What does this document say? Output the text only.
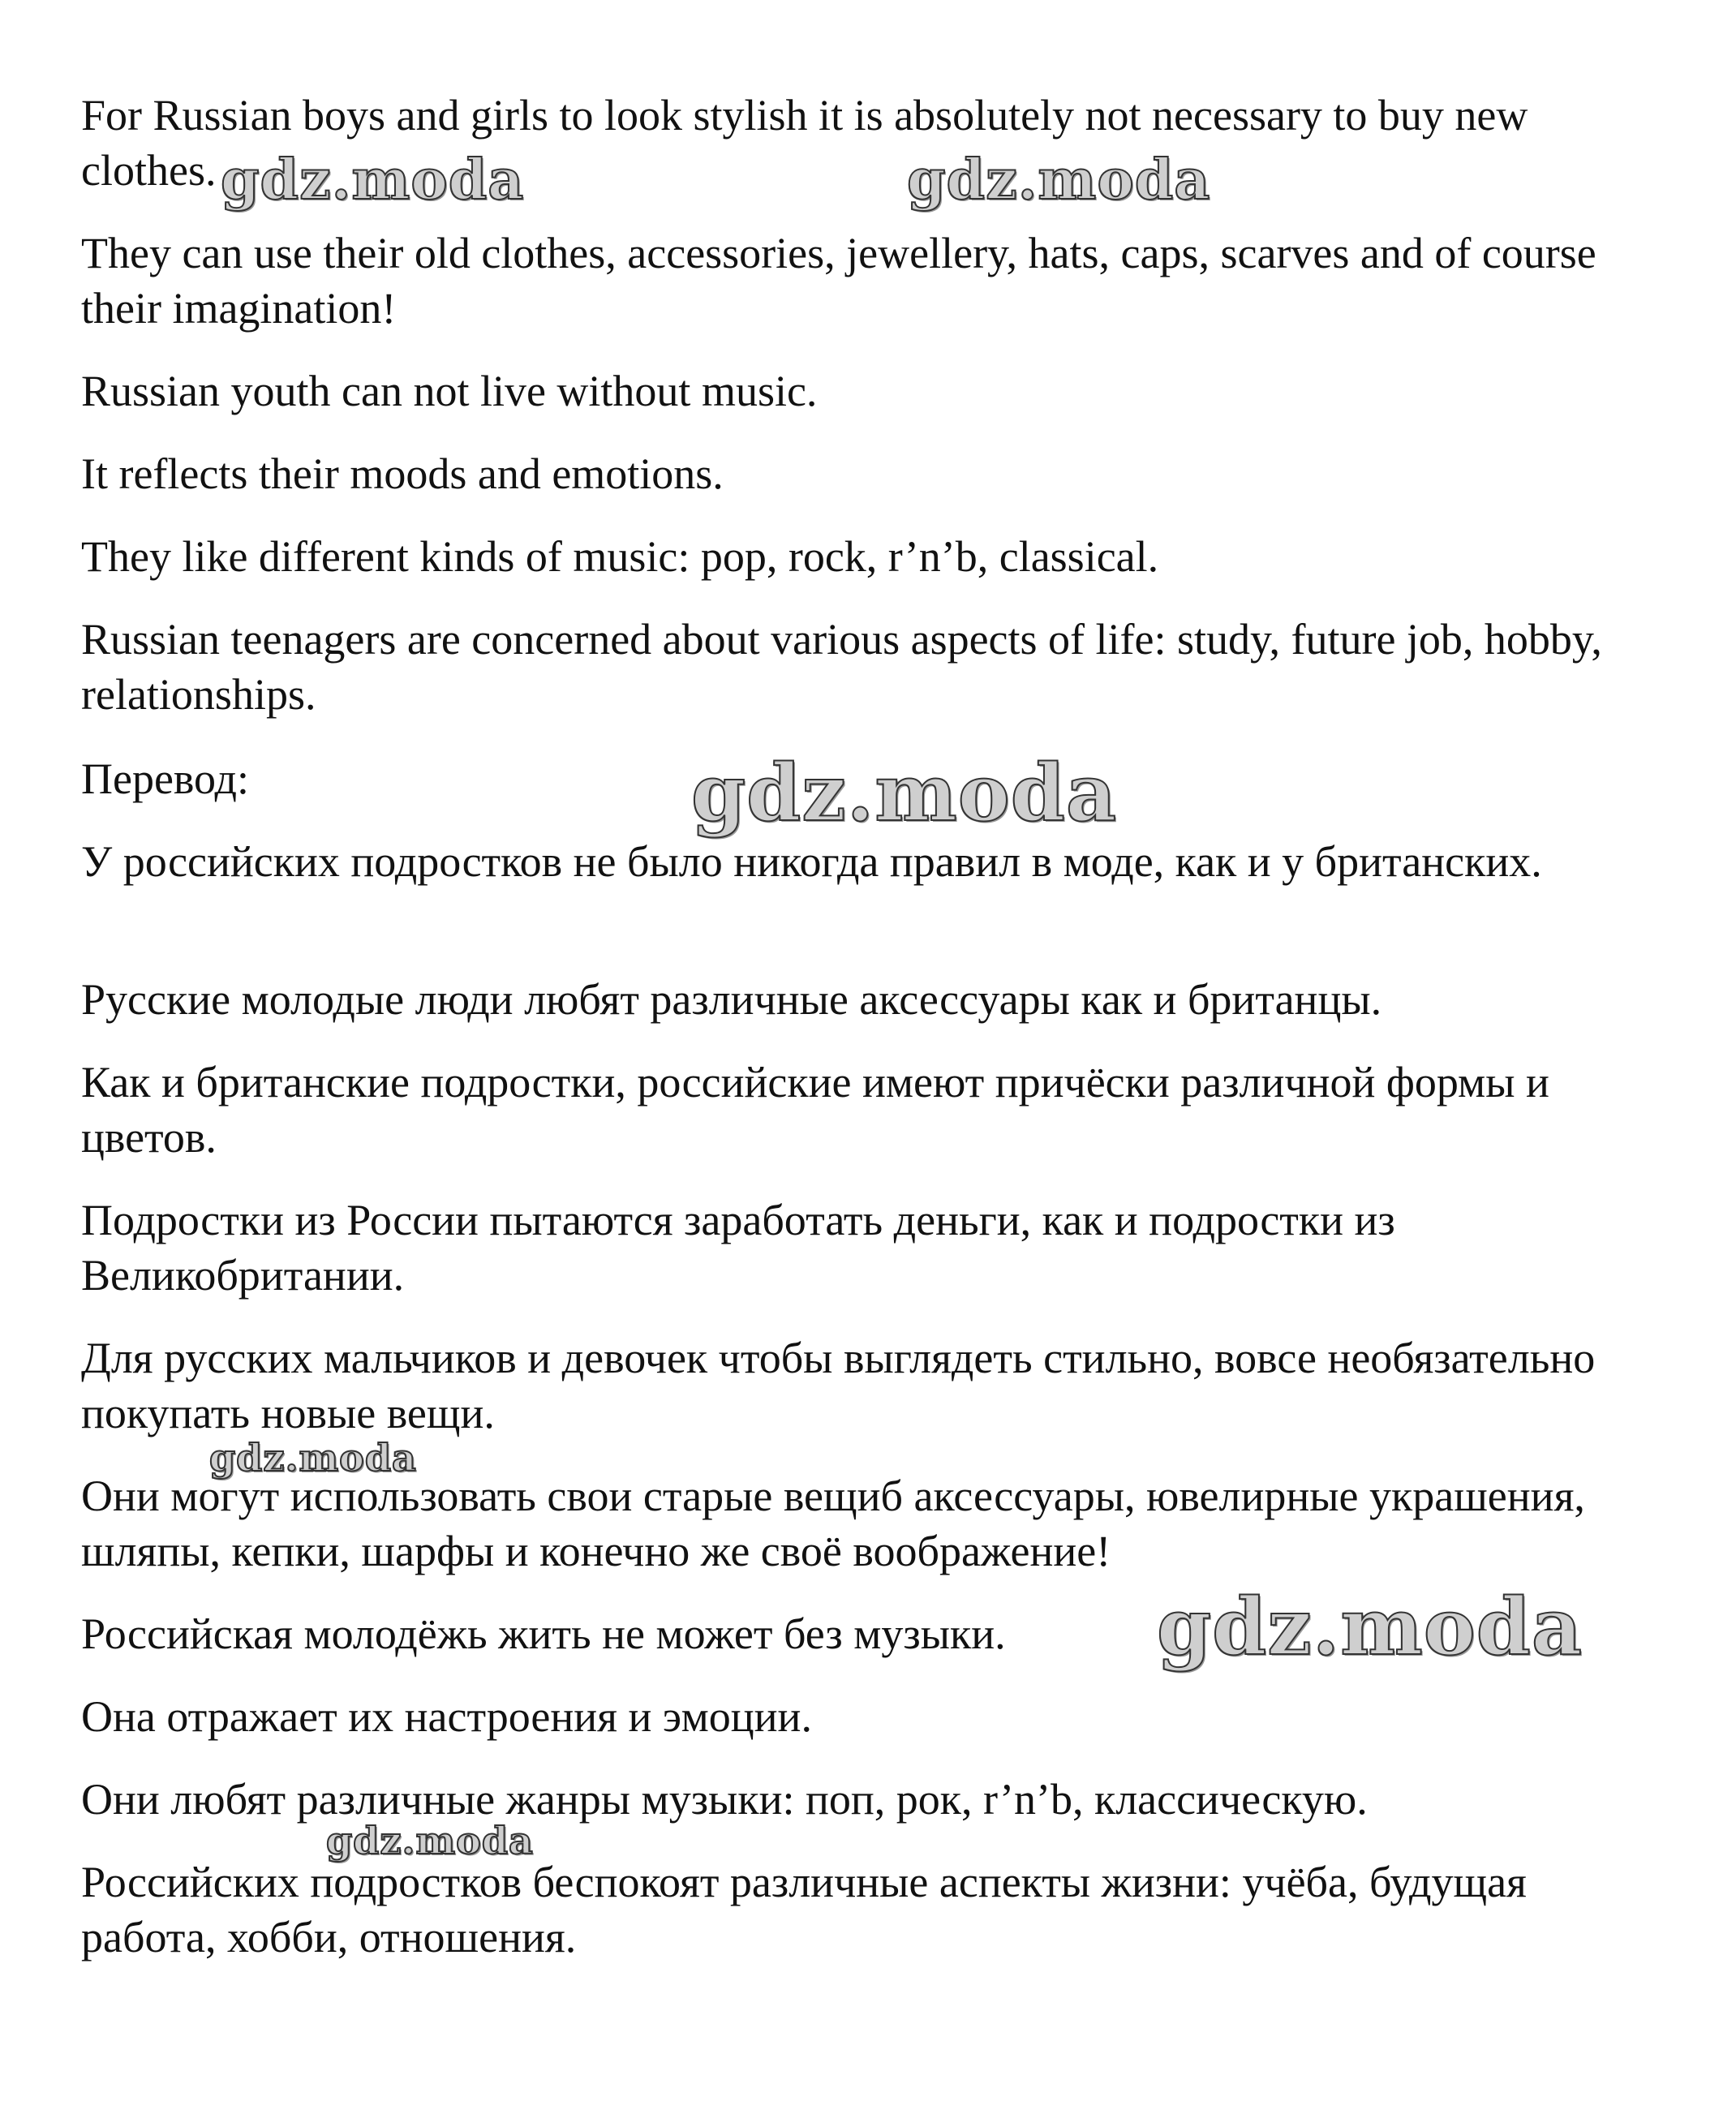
For Russian boys and girls to look stylish it is absolutely not necessary to buy new clothes.

They can use their old clothes, accessories, jewellery, hats, caps, scarves and of course their imagination!

Russian youth can not live without music.

It reflects their moods and emotions.

They like different kinds of music: pop, rock, r’n’b, classical.

Russian teenagers are concerned about various aspects of life: study, future job, hobby, relationships.

Перевод:

У российских подростков не было никогда правил в моде, как и у британских.

Русские молодые люди любят различные аксессуары как и британцы.

Как и британские подростки, российские имеют причёски различной формы и цветов.

Подростки из России пытаются заработать деньги, как и подростки из Великобритании.

Для русских мальчиков и девочек чтобы выглядеть стильно, вовсе необязательно покупать новые вещи.

Они могут использовать свои старые вещиб аксессуары, ювелирные украшения, шляпы, кепки, шарфы и конечно же своё воображение!

Российская молодёжь жить не может без музыки.

Она отражает их настроения и эмоции.

Они любят различные жанры музыки: поп, рок, r’n’b, классическую.

Российских подростков беспокоят различные аспекты жизни: учёба, будущая работа, хобби, отношения.

gdz.moda	gdz.moda
gdz.moda
gdz.moda
gdz.moda
gdz.moda
